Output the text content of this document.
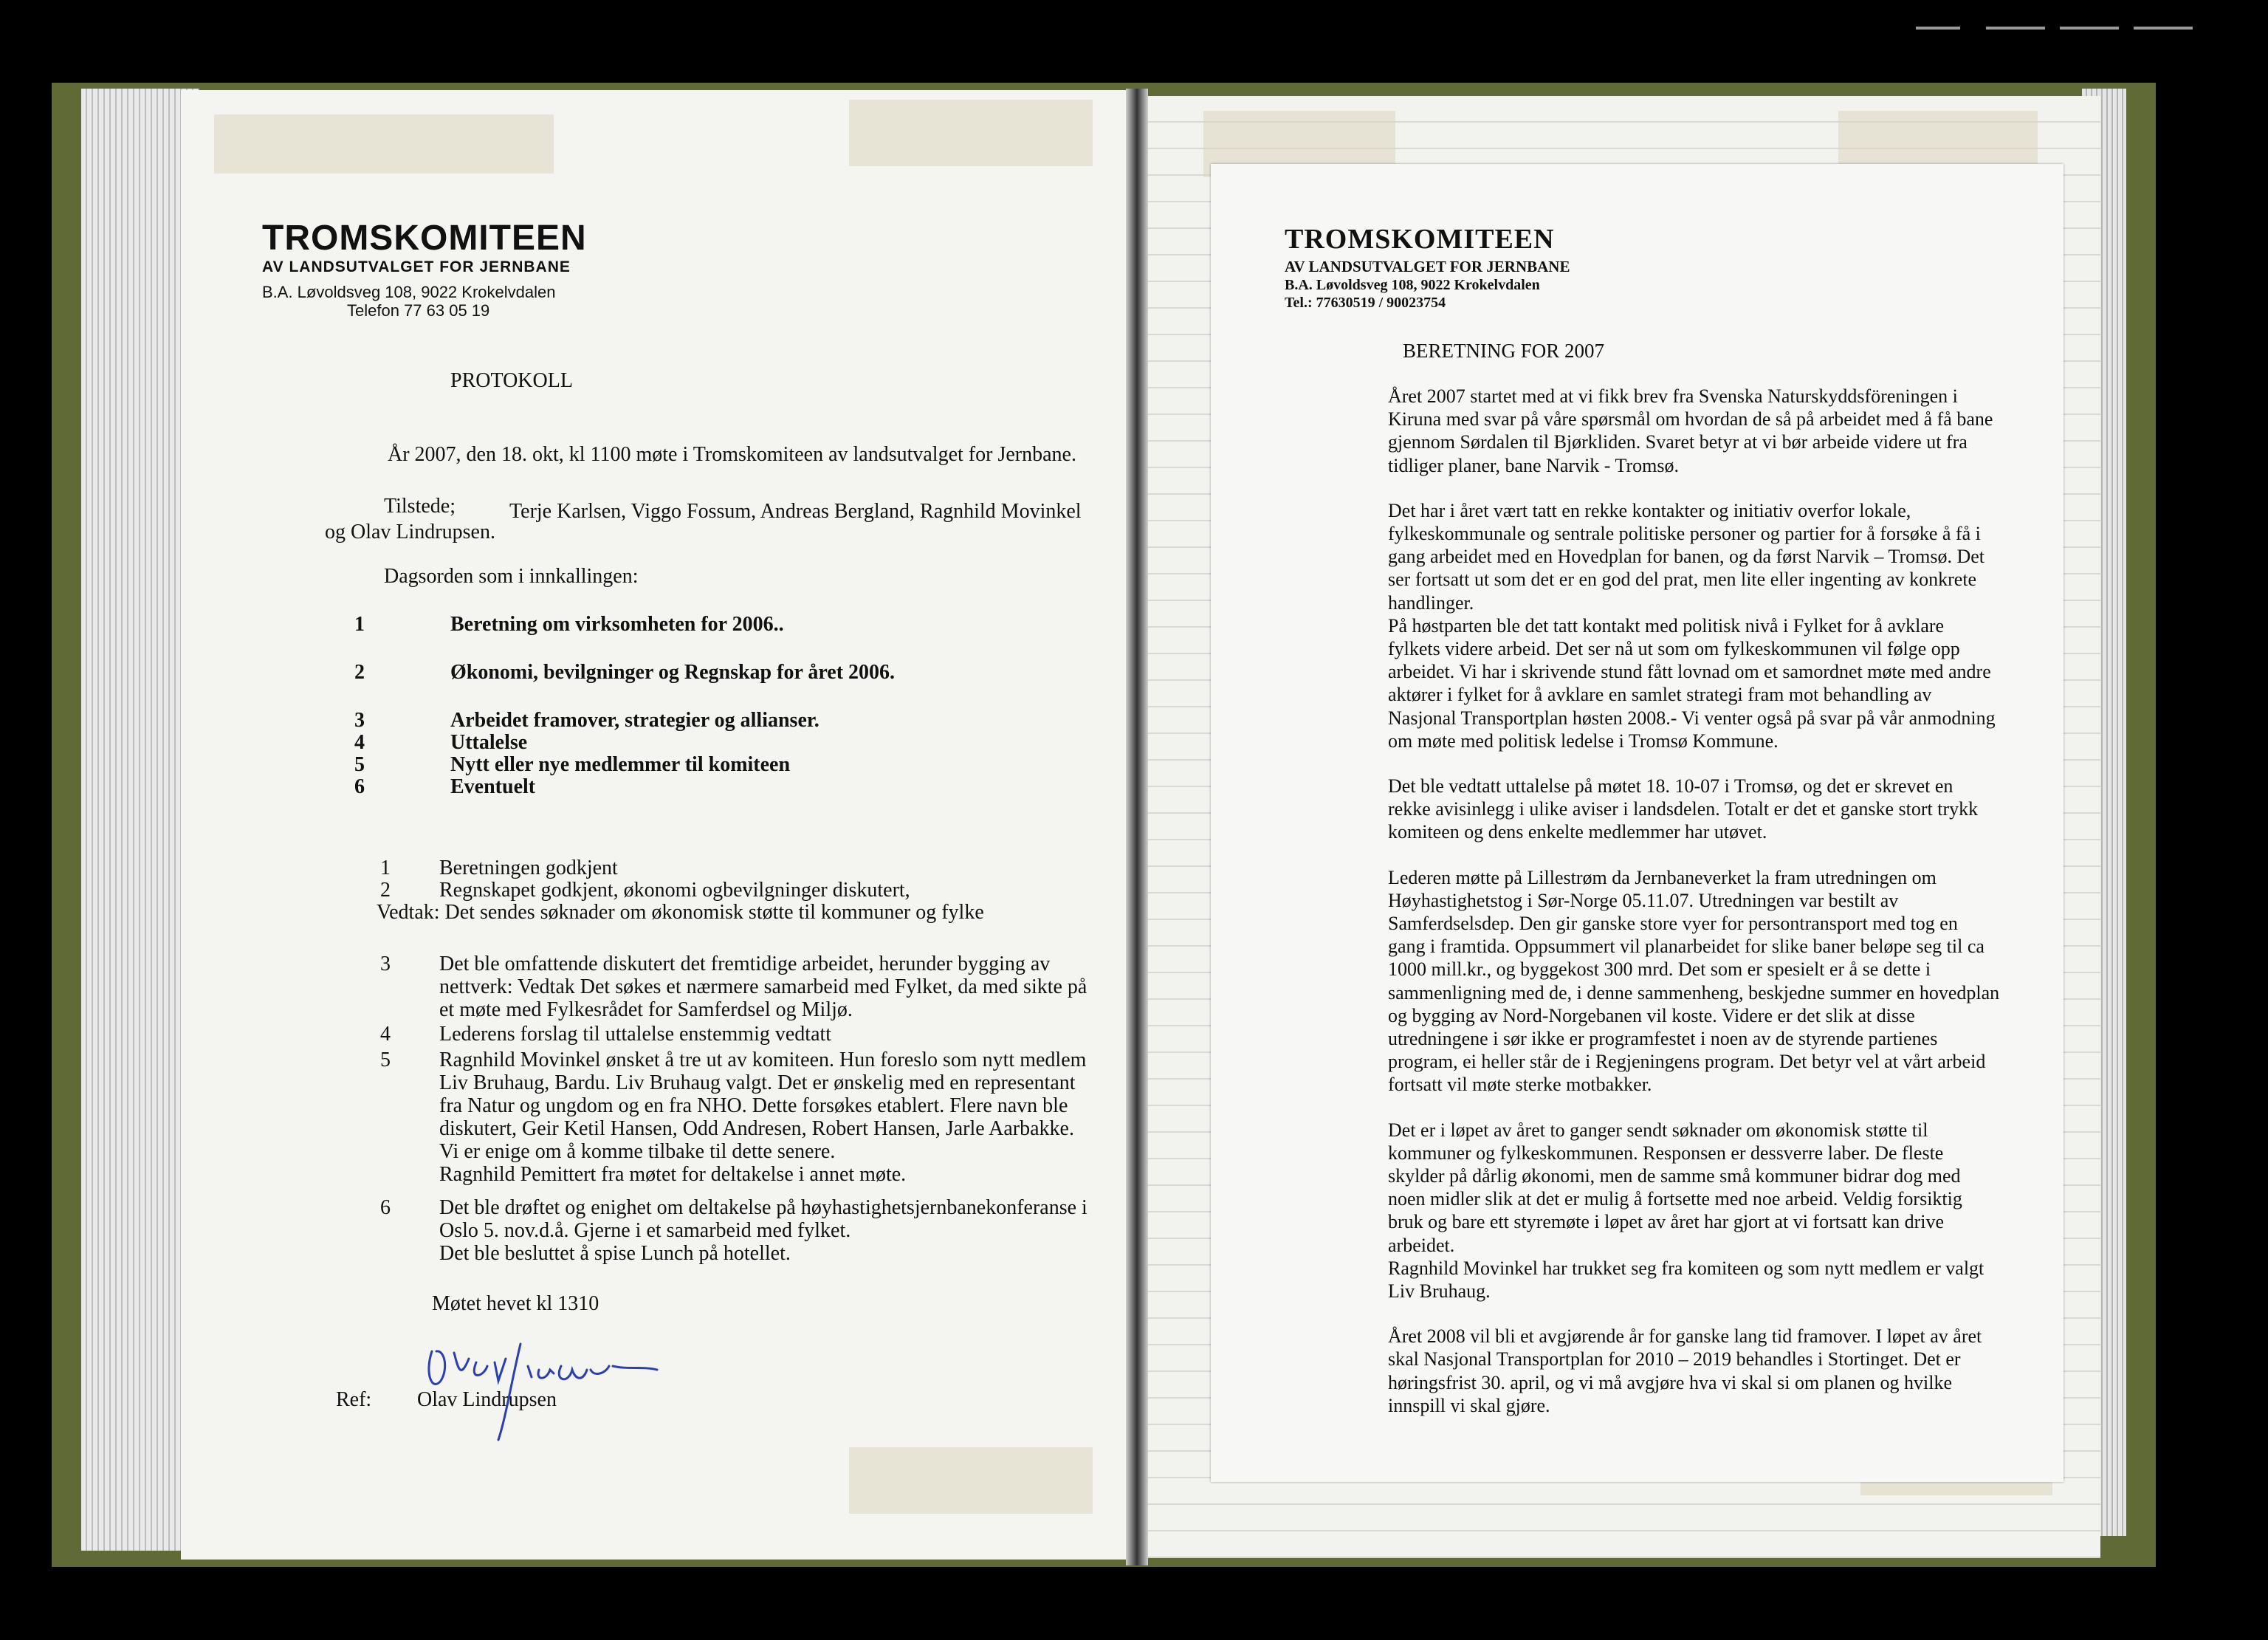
TROMSKOMITEEN
AV LANDSUTVALGET FOR JERNBANE
B.A. Løvoldsveg 108, 9022 Krokelvdalen
Telefon 77 63 05 19
PROTOKOLL
År 2007, den 18. okt, kl 1100 møte i Tromskomiteen av landsutvalget for Jernbane.
Tilstede;	Terje Karlsen, Viggo Fossum, Andreas Bergland, Ragnhild Movinkel
og Olav Lindrupsen.
Dagsorden som i innkallingen:
1	Beretning om virksomheten for 2006..
2	Økonomi, bevilgninger og Regnskap for året 2006.
3	Arbeidet framover, strategier og allianser.
4	Uttalelse
5	Nytt eller nye medlemmer til komiteen
6	Eventuelt
1 Beretningen godkjent
2 Regnskapet godkjent, økonomi ogbevilgninger diskutert,
Vedtak: Det sendes søknader om økonomisk støtte til kommuner og fylke
3 Det ble omfattende diskutert det fremtidige arbeidet, herunder bygging av
nettverk: Vedtak Det søkes et nærmere samarbeid med Fylket, da med sikte på
et møte med Fylkesrådet for Samferdsel og Miljø.
4 Lederens forslag til uttalelse enstemmig vedtatt
5 Ragnhild Movinkel ønsket å tre ut av komiteen. Hun foreslo som nytt medlem
Liv Bruhaug, Bardu. Liv Bruhaug valgt. Det er ønskelig med en representant
fra Natur og ungdom og en fra NHO. Dette forsøkes etablert. Flere navn ble
diskutert, Geir Ketil Hansen, Odd Andresen, Robert Hansen, Jarle Aarbakke.
Vi er enige om å komme tilbake til dette senere.
Ragnhild Pemittert fra møtet for deltakelse i annet møte.
6 Det ble drøftet og enighet om deltakelse på høyhastighetsjernbanekonferanse i
Oslo 5. nov.d.å. Gjerne i et samarbeid med fylket.
Det ble besluttet å spise Lunch på hotellet.
Møtet hevet kl 1310
Ref: Olav Lindrupsen
TROMSKOMITEEN
AV LANDSUTVALGET FOR JERNBANE
B.A. Løvoldsveg 108, 9022 Krokelvdalen
Tel.: 77630519 / 90023754
BERETNING FOR 2007
Året 2007 startet med at vi fikk brev fra Svenska Naturskyddsföreningen i
Kiruna med svar på våre spørsmål om hvordan de så på arbeidet med å få bane
gjennom Sørdalen til Bjørkliden. Svaret betyr at vi bør arbeide videre ut fra
tidliger planer, bane Narvik - Tromsø.
Det har i året vært tatt en rekke kontakter og initiativ overfor lokale,
fylkeskommunale og sentrale politiske personer og partier for å forsøke å få i
gang arbeidet med en Hovedplan for banen, og da først Narvik – Tromsø. Det
ser fortsatt ut som det er en god del prat, men lite eller ingenting av konkrete
handlinger.
På høstparten ble det tatt kontakt med politisk nivå i Fylket for å avklare
fylkets videre arbeid. Det ser nå ut som om fylkeskommunen vil følge opp
arbeidet. Vi har i skrivende stund fått lovnad om et samordnet møte med andre
aktører i fylket for å avklare en samlet strategi fram mot behandling av
Nasjonal Transportplan høsten 2008.- Vi venter også på svar på vår anmodning
om møte med politisk ledelse i Tromsø Kommune.
Det ble vedtatt uttalelse på møtet 18. 10-07 i Tromsø, og det er skrevet en
rekke avisinlegg i ulike aviser i landsdelen. Totalt er det et ganske stort trykk
komiteen og dens enkelte medlemmer har utøvet.
Lederen møtte på Lillestrøm da Jernbaneverket la fram utredningen om
Høyhastighetstog i Sør-Norge 05.11.07. Utredningen var bestilt av
Samferdselsdep. Den gir ganske store vyer for persontransport med tog en
gang i framtida. Oppsummert vil planarbeidet for slike baner beløpe seg til ca
1000 mill.kr., og byggekost 300 mrd. Det som er spesielt er å se dette i
sammenligning med de, i denne sammenheng, beskjedne summer en hovedplan
og bygging av Nord-Norgebanen vil koste. Videre er det slik at disse
utredningene i sør ikke er programfestet i noen av de styrende partienes
program, ei heller står de i Regjeningens program. Det betyr vel at vårt arbeid
fortsatt vil møte sterke motbakker.
Det er i løpet av året to ganger sendt søknader om økonomisk støtte til
kommuner og fylkeskommunen. Responsen er dessverre laber. De fleste
skylder på dårlig økonomi, men de samme små kommuner bidrar dog med
noen midler slik at det er mulig å fortsette med noe arbeid. Veldig forsiktig
bruk og bare ett styremøte i løpet av året har gjort at vi fortsatt kan drive
arbeidet.
Ragnhild Movinkel har trukket seg fra komiteen og som nytt medlem er valgt
Liv Bruhaug.
Året 2008 vil bli et avgjørende år for ganske lang tid framover. I løpet av året
skal Nasjonal Transportplan for 2010 – 2019 behandles i Stortinget. Det er
høringsfrist 30. april, og vi må avgjøre hva vi skal si om planen og hvilke
innspill vi skal gjøre.
